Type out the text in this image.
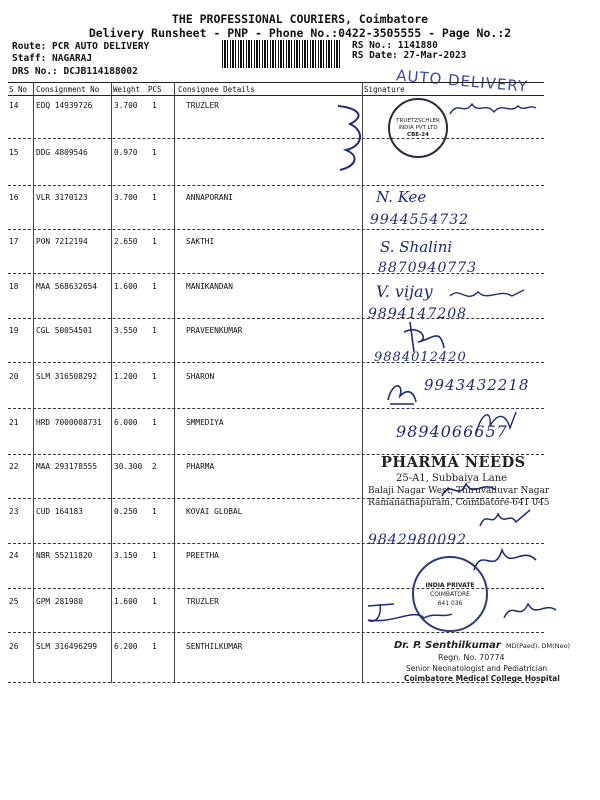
THE PROFESSIONAL COURIERS, Coimbatore
Delivery Runsheet - PNP - Phone No.:0422-3505555 - Page No.:2
Route: PCR AUTO DELIVERY
Staff: NAGARAJ
DRS No.: DCJB114188002
RS No.: 1141880
RS Date: 27-Mar-2023
AUTO DELIVERY
S No Consignment No Weight PCS Consignee Details	Signature
14 EDQ 14939726	3.700 1	TRUZLER
15 DDG 4809546	0.970 1
16 VLR 3170123	3.700 1	ANNAPORANI
17 PON 7212194	2.650 1	SAKTHI
18 MAA 568632654 1.600 1	MANIKANDAN
19 CGL 50054501	3.550 1	PRAVEENKUMAR
20 SLM 316508292 1.200 1	SHARON
21 HRD 7000008731 6.000 1	SMMEDIYA
22 MAA 293178555 30.300 2	PHARMA
23 CUD 164183	0.250 1	KOVAI GLOBAL
24 NBR 55211820	3.150 1	PREETHA
25 GPM 281980	1.600 1	TRUZLER
26 SLM 316496299 6.200 1	SENTHILKUMAR
TRUETZSCHLER INDIA PVT LTD
CBE-24
N. Kee
9944554732
S. Shalini
8870940773
V. vijay
9894147208
9884012420
9943432218
9894066657
PHARMA NEEDS
25-A1, Subbaiya Lane
Balaji Nagar West, Thiruvalluvar Nagar
Ramanathapuram, Coimbatore-641 045
9842980092
INDIA PRIVATE
COIMBATORE
641 036
Dr. P. Senthilkumar MD(Paed), DM(Neo)
Regn. No. 70774
Senior Neonatologist and Pediatrician
Coimbatore Medical College Hospital
